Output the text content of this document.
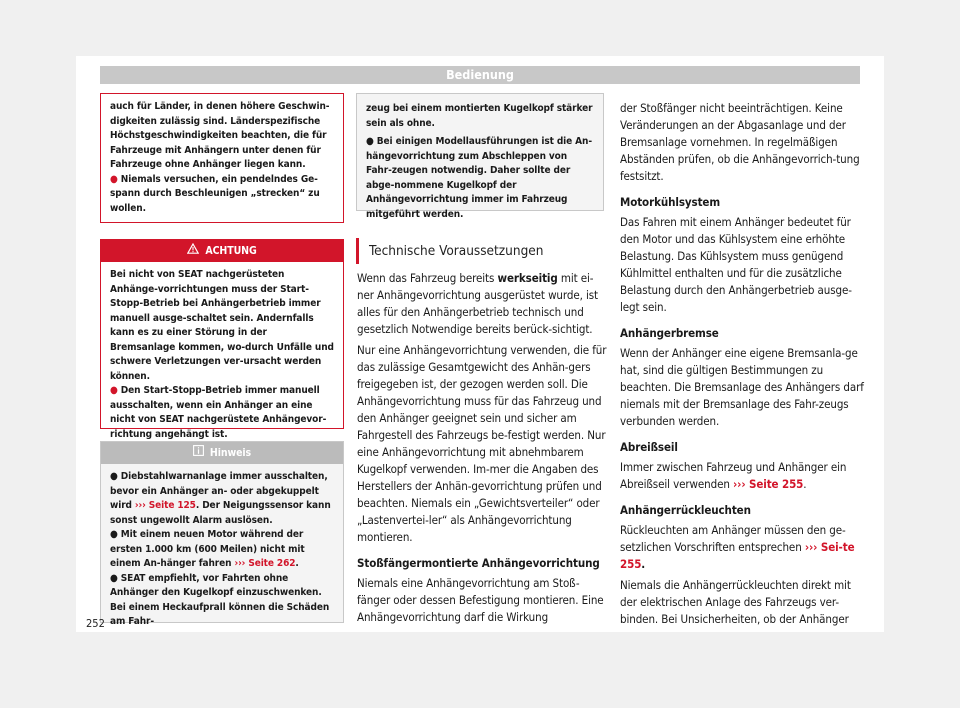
Bedienung

auch für Länder, in denen höhere Geschwin-digkeiten zulässig sind. Länderspezifische Höchstgeschwindigkeiten beachten, die für Fahrzeuge mit Anhängern unter denen für Fahrzeuge ohne Anhänger liegen kann.

● Niemals versuchen, ein pendelndes Ge-spann durch Beschleunigen „strecken“ zu wollen.

ACHTUNG

Bei nicht von SEAT nachgerüsteten Anhänge-vorrichtungen muss der Start-Stopp-Betrieb bei Anhängerbetrieb immer manuell ausge-schaltet sein. Andernfalls kann es zu einer Störung in der Bremsanlage kommen, wo-durch Unfälle und schwere Verletzungen ver-ursacht werden können.

● Den Start-Stopp-Betrieb immer manuell ausschalten, wenn ein Anhänger an eine nicht von SEAT nachgerüstete Anhängevor-richtung angehängt ist.

Hinweis

● Diebstahlwarnanlage immer ausschalten, bevor ein Anhänger an- oder abgekuppelt wird ››› Seite 125. Der Neigungssensor kann sonst ungewollt Alarm auslösen.

● Mit einem neuen Motor während der ersten 1.000 km (600 Meilen) nicht mit einem An-hänger fahren ››› Seite 262.

● SEAT empfiehlt, vor Fahrten ohne Anhänger den Kugelkopf einzuschwenken. Bei einem Heckaufprall können die Schäden am Fahr-

zeug bei einem montierten Kugelkopf stärker sein als ohne.

● Bei einigen Modellausführungen ist die An-hängevorrichtung zum Abschleppen von Fahr-zeugen notwendig. Daher sollte der abge-nommene Kugelkopf der Anhängevorrichtung immer im Fahrzeug mitgeführt werden.

Technische Voraussetzungen

Wenn das Fahrzeug bereits werkseitig mit ei-ner Anhängevorrichtung ausgerüstet wurde, ist alles für den Anhängerbetrieb technisch und gesetzlich Notwendige bereits berück-sichtigt.

Nur eine Anhängevorrichtung verwenden, die für das zulässige Gesamtgewicht des Anhän-gers freigegeben ist, der gezogen werden soll. Die Anhängevorrichtung muss für das Fahrzeug und den Anhänger geeignet sein und sicher am Fahrgestell des Fahrzeugs be-festigt werden. Nur eine Anhängevorrichtung mit abnehmbarem Kugelkopf verwenden. Im-mer die Angaben des Herstellers der Anhän-gevorrichtung prüfen und beachten. Niemals ein „Gewichtsverteiler“ oder „Lastenvertei-ler“ als Anhängevorrichtung montieren.

Stoßfängermontierte Anhängevorrichtung

Niemals eine Anhängevorrichtung am Stoß-fänger oder dessen Befestigung montieren. Eine Anhängevorrichtung darf die Wirkung

der Stoßfänger nicht beeinträchtigen. Keine Veränderungen an der Abgasanlage und der Bremsanlage vornehmen. In regelmäßigen Abständen prüfen, ob die Anhängevorrich-tung festsitzt.

Motorkühlsystem

Das Fahren mit einem Anhänger bedeutet für den Motor und das Kühlsystem eine erhöhte Belastung. Das Kühlsystem muss genügend Kühlmittel enthalten und für die zusätzliche Belastung durch den Anhängerbetrieb ausge-legt sein.

Anhängerbremse

Wenn der Anhänger eine eigene Bremsanla-ge hat, sind die gültigen Bestimmungen zu beachten. Die Bremsanlage des Anhängers darf niemals mit der Bremsanlage des Fahr-zeugs verbunden werden.

Abreißseil

Immer zwischen Fahrzeug und Anhänger ein Abreißseil verwenden ››› Seite 255.

Anhängerrückleuchten

Rückleuchten am Anhänger müssen den ge-setzlichen Vorschriften entsprechen ››› Sei-te 255.

Niemals die Anhängerrückleuchten direkt mit der elektrischen Anlage des Fahrzeugs ver-binden. Bei Unsicherheiten, ob der Anhänger

252
